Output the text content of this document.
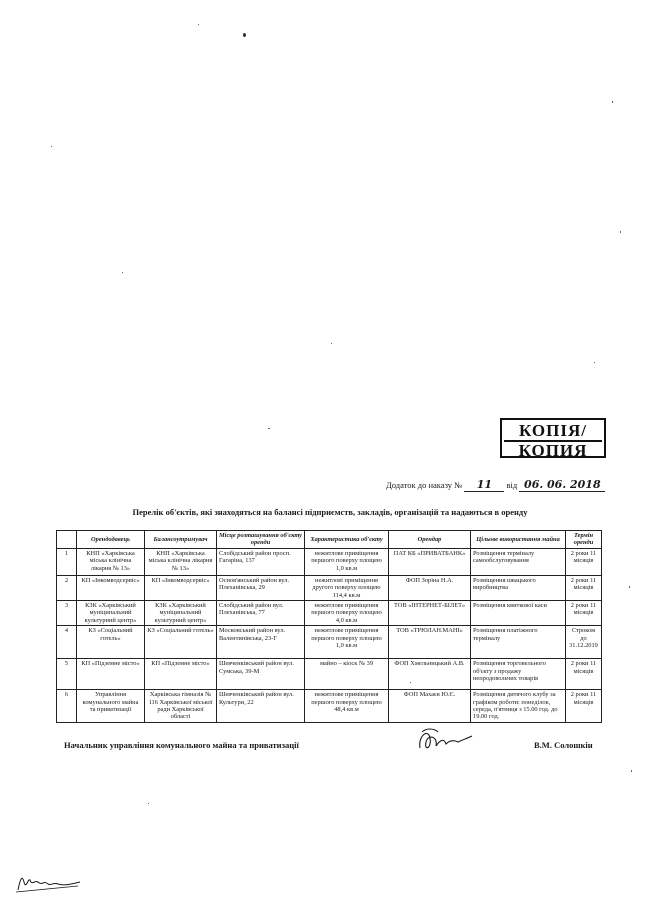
КОПІЯ/
КОПИЯ
Додаток до наказу № 11 від 06. 06. 2018
Перелік об'єктів, які знаходяться на балансі підприємств, закладів, організацій та надаються в оренду
	Орендодавець	Балансоутримувач	Місце розташування об'єкту оренди	Характеристика об'єкту	Орендар	Цільове використання майна	Термін оренди
1	КНП «Харківська міська клінічна лікарня № 13»	КНП «Харківська міська клінічна лікарня № 13»	Слобідський район просп. Гагаріна, 137	нежитлове приміщення першого поверху площею 1,0 кв.м	ПАТ КБ «ПРИВАТБАНК»	Розміщення терміналу самообслуговування	2 роки 11 місяців
2	КП «Інкомводсервіс»	КП «Інкомводсервіс»	Основ'янський район вул. Плеханівська, 29	нежитлові приміщення другого поверху площею 114,4 кв.м	ФОП Зоріна Н.А.	Розміщення швацького виробництва	2 роки 11 місяців
3	КЗК «Харківський муніципальний культурний центр»	КЗК «Харківський муніципальний культурний центр»	Слобідський район вул. Плеханівська, 77	нежитлове приміщення першого поверху площею 4,0 кв.м	ТОВ «ІНТЕРНЕТ-БІЛЕТ»	Розміщення квиткової каси	2 роки 11 місяців
4	КЗ «Соціальний готель»	КЗ «Соціальний готель»	Московський район вул. Валентинівська, 23-Г	нежитлове приміщення першого поверху площею 1,0 кв.м	ТОВ «ТРЮЛАН.МАНІ»	Розміщення платіжного терміналу	Строком до 31.12.2019
5	КП «Підземне місто»	КП «Підземне місто»	Шевченківський район вул. Сумська, 39-М	майно – кіоск № 39	ФОП Хмельницький А.В.	Розміщення торговельного об'єкту з продажу непродовольчих товарів	2 роки 11 місяців
6	Управління комунального майна та приватизації	Харківська гімназія № 116 Харківської міської ради Харківської області	Шевченківський район вул. Культури, 22	нежитлове приміщення першого поверху площею 48,4 кв.м	ФОП Махаєв Ю.Є.	Розміщення дитячого клубу за графіком роботи: понеділок, середа, п'ятниця з 15.00 год. до 19.00 год.	2 роки 11 місяців
Начальник управління комунального майна та приватизації	В.М. Солошкін
